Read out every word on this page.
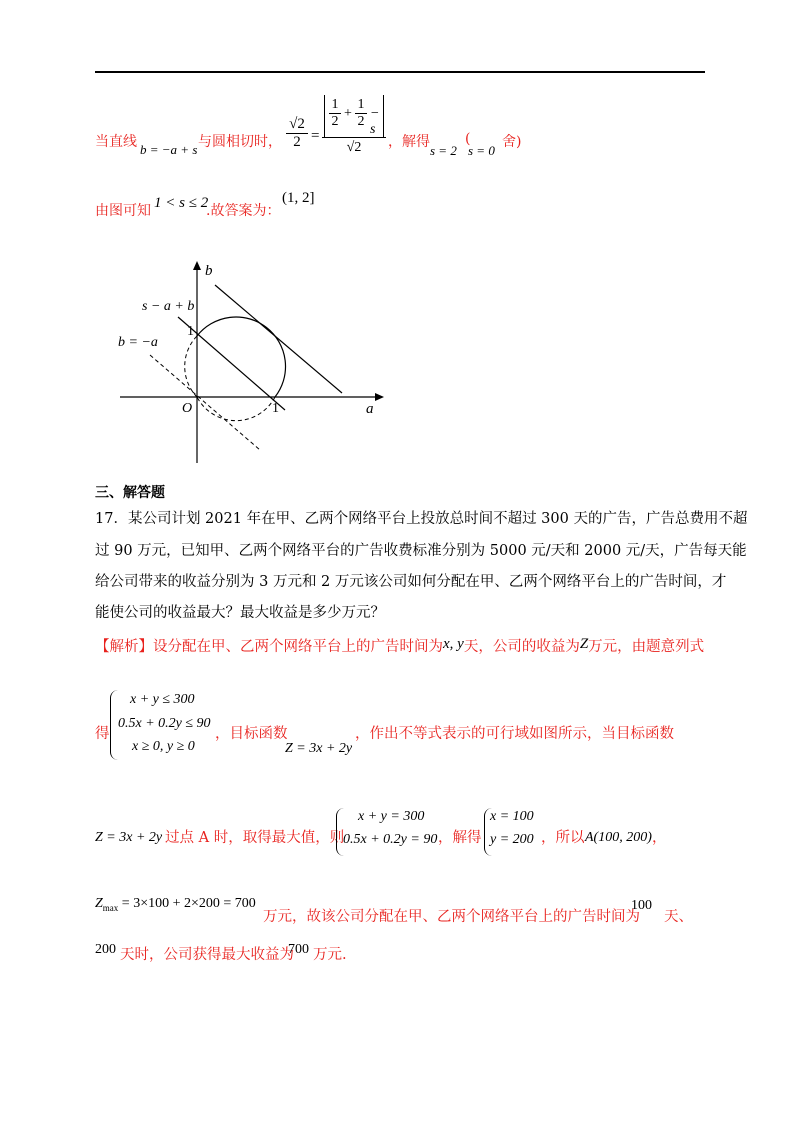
当直线 b = −a + s 与圆相切时， $\frac{√2}{2}$ =
$\frac{1}{2} + \frac{1}{2} - s$
√2	，解得
s = 2
(
s = 0
舍)
由图可知 1 < s ≤ 2
.故答案为：
(1, 2]
b
a
O
1
1
s − a + b
b = −a
三、解答题
17．某公司计划 2021 年在甲、乙两个网络平台上投放总时间不超过 300 天的广告，广告总费用不超
过 90 万元，已知甲、乙两个网络平台的广告收费标准分别为 5000 元/天和 2000 元/天，广告每天能
给公司带来的收益分别为 3 万元和 2 万元该公司如何分配在甲、乙两个网络平台上的广告时间，才
能使公司的收益最大？最大收益是多少万元？
【解析】设分配在甲、乙两个网络平台上的广告时间为x, y天，公司的收益为Z万元，由题意列式
得
x + y ≤ 300
0.5x + 0.2y ≤ 90
x ≥ 0, y ≥ 0
，目标函数
Z = 3x + 2y
，作出不等式表示的可行域如图所示，当目标函数
Z = 3x + 2y 过点 A 时，取得最大值，则
x + y = 300
0.5x + 0.2y = 90 ，解得
x = 100
y = 200 ，所以 A(100, 200) ，
$Z_{max} = 3\times 100 + 2\times 200 = 700$
万元，故该公司分配在甲、乙两个网络平台上的广告时间为
100
天、
200 天时，公司获得最大收益为
700 万元.
